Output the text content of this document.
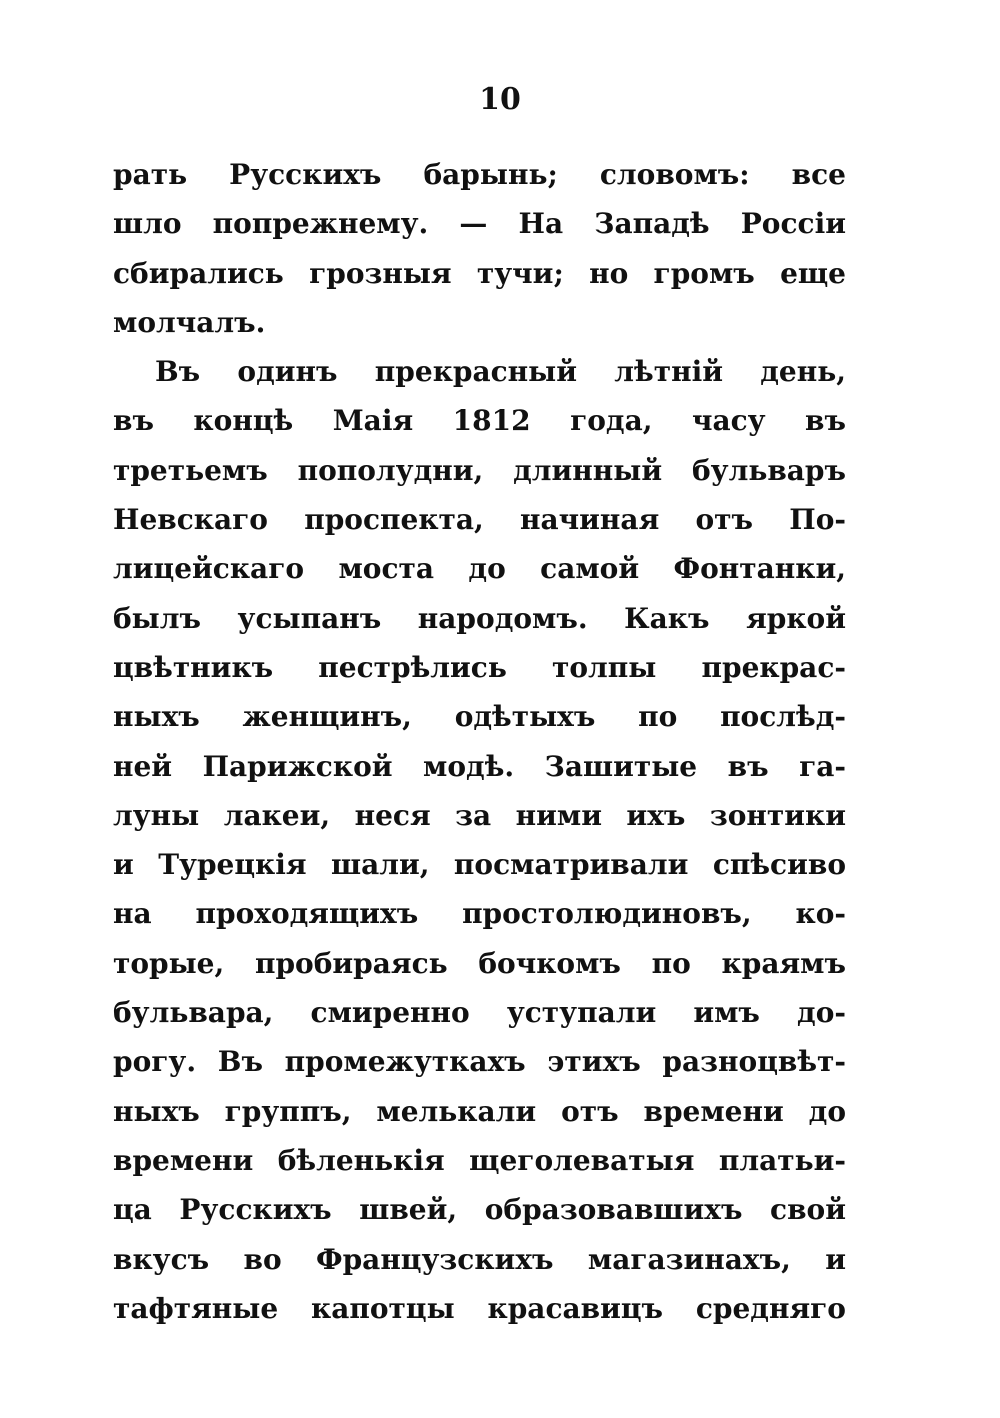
10
рать Русскихъ барынь; словомъ: все
шло попрежнему. — На Западѣ Россіи
сбирались грозныя тучи; но громъ еще
молчалъ.
Въ одинъ прекрасный лѣтній день,
въ концѣ Маія 1812 года, часу въ
третьемъ пополудни, длинный бульваръ
Невскаго проспекта, начиная отъ По-
лицейскаго моста до самой Фонтанки,
былъ усыпанъ народомъ. Какъ яркой
цвѣтникъ пестрѣлись толпы прекрас-
ныхъ женщинъ, одѣтыхъ по послѣд-
ней Парижской модѣ. Зашитые въ га-
луны лакеи, неся за ними ихъ зонтики
и Турецкія шали, посматривали спѣсиво
на проходящихъ простолюдиновъ, ко-
торые, пробираясь бочкомъ по краямъ
бульвара, смиренно уступали имъ до-
рогу. Въ промежуткахъ этихъ разноцвѣт-
ныхъ группъ, мелькали отъ времени до
времени бѣленькія щеголеватыя платьи-
ца Русскихъ швей, образовавшихъ свой
вкусъ во Французскихъ магазинахъ, и
тафтяные капотцы красавицъ средняго
